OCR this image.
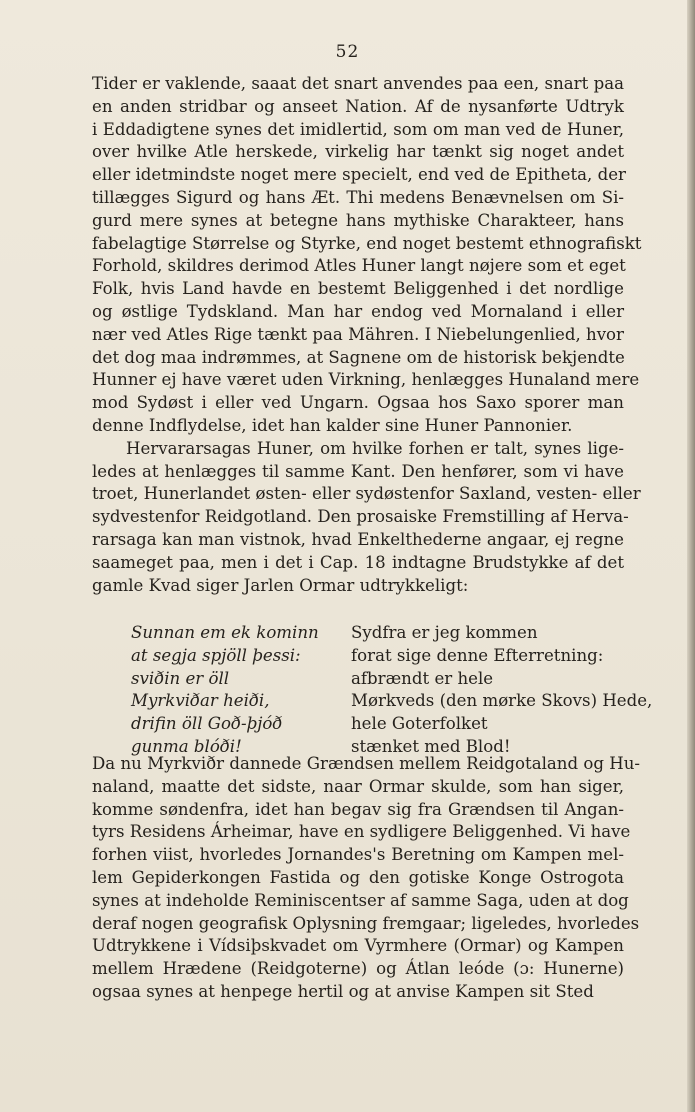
52
Tider er vaklende, saaat det snart anvendes paa een, snart paa
en anden stridbar og anseet Nation. Af de nysanførte Udtryk
i Eddadigtene synes det imidlertid, som om man ved de Huner,
over hvilke Atle herskede, virkelig har tænkt sig noget andet
eller idetmindste noget mere specielt, end ved de Epitheta, der
tillægges Sigurd og hans Æt. Thi medens Benævnelsen om Si-
gurd mere synes at betegne hans mythiske Charakteer, hans
fabelagtige Størrelse og Styrke, end noget bestemt ethnografiskt
Forhold, skildres derimod Atles Huner langt nøjere som et eget
Folk, hvis Land havde en bestemt Beliggenhed i det nordlige
og østlige Tydskland. Man har endog ved Mornaland i eller
nær ved Atles Rige tænkt paa Mähren. I Niebelungenlied, hvor
det dog maa indrømmes, at Sagnene om de historisk bekjendte
Hunner ej have været uden Virkning, henlægges Hunaland mere
mod Sydøst i eller ved Ungarn. Ogsaa hos Saxo sporer man
denne Indflydelse, idet han kalder sine Huner Pannonier.
Hervararsagas Huner, om hvilke forhen er talt, synes lige-
ledes at henlægges til samme Kant. Den henfører, som vi have
troet, Hunerlandet østen- eller sydøstenfor Saxland, vesten- eller
sydvestenfor Reidgotland. Den prosaiske Fremstilling af Herva-
rarsaga kan man vistnok, hvad Enkelthederne angaar, ej regne
saameget paa, men i det i Cap. 18 indtagne Brudstykke af det
gamle Kvad siger Jarlen Ormar udtrykkeligt:
Sunnan em ek kominn
at segja spjöll þessi:
sviðin er öll
Myrkviðar heiði,
drifin öll Goð-þjóð
gunma blóði!
Sydfra er jeg kommen
forat sige denne Efterretning:
afbrændt er hele
Mørkveds (den mørke Skovs) Hede,
hele Goterfolket
stænket med Blod!
Da nu Myrkviðr dannede Grændsen mellem Reidgotaland og Hu-
naland, maatte det sidste, naar Ormar skulde, som han siger,
komme søndenfra, idet han begav sig fra Grændsen til Angan-
tyrs Residens Árheimar, have en sydligere Beliggenhed. Vi have
forhen viist, hvorledes Jornandes's Beretning om Kampen mel-
lem Gepiderkongen Fastida og den gotiske Konge Ostrogota
synes at indeholde Reminiscentser af samme Saga, uden at dog
deraf nogen geografisk Oplysning fremgaar; ligeledes, hvorledes
Udtrykkene i Vídsiþskvadet om Vyrmhere (Ormar) og Kampen
mellem Hrædene (Reidgoterne) og Átlan leóde (ɔ: Hunerne)
ogsaa synes at henpege hertil og at anvise Kampen sit Sted
